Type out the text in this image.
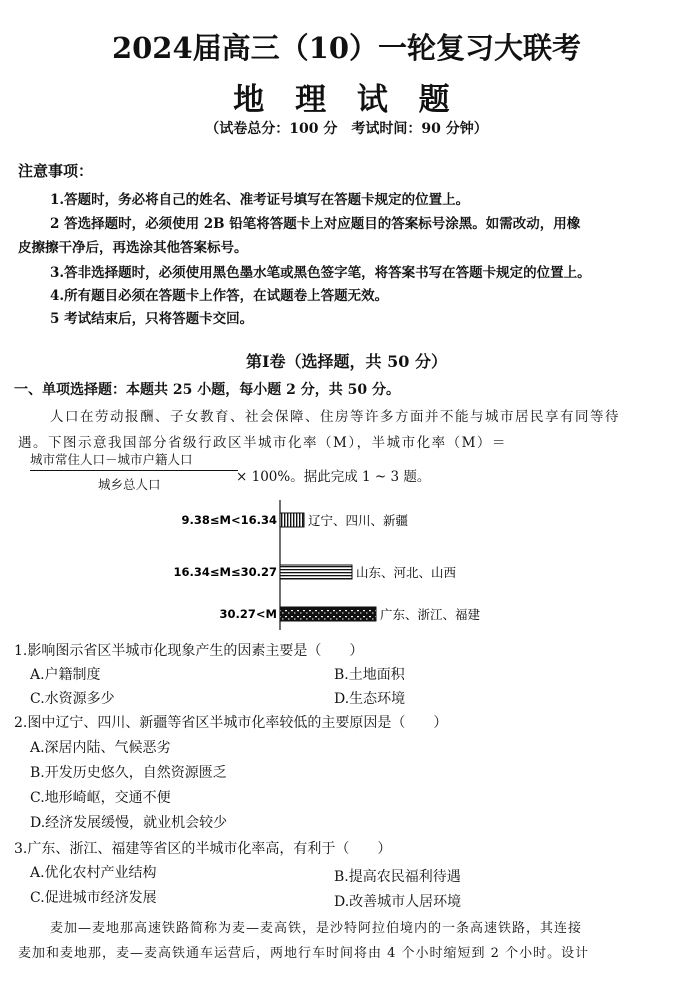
2024届高三（10）一轮复习大联考
地 理 试 题
（试卷总分：100 分　考试时间：90 分钟）
注意事项：
1.答题时，务必将自己的姓名、准考证号填写在答题卡规定的位置上。
2 答选择题时，必须使用 2B 铅笔将答题卡上对应题目的答案标号涂黑。如需改动，用橡
皮擦擦干净后，再选涂其他答案标号。
3.答非选择题时，必须使用黑色墨水笔或黑色签字笔，将答案书写在答题卡规定的位置上。
4.所有题目必须在答题卡上作答，在试题卷上答题无效。
5 考试结束后，只将答题卡交回。
第Ⅰ卷（选择题，共 50 分）
一、单项选择题：本题共 25 小题，每小题 2 分，共 50 分。
人口在劳动报酬、子女教育、社会保障、住房等许多方面并不能与城市居民享有同等待
遇。下图示意我国部分省级行政区半城市化率（M），半城市化率（M）＝
城市常住人口－城市户籍人口
城乡总人口	× 100%。据此完成 1 ~ 3 题。
9.38≤M<16.34 辽宁、四川、新疆
16.34≤M≤30.27	山东、河北、山西
30.27<M	广东、浙江、福建
1.影响图示省区半城市化现象产生的因素主要是（　　）
A.户籍制度	B.土地面积
C.水资源多少	D.生态环境
2.图中辽宁、四川、新疆等省区半城市化率较低的主要原因是（　　）
A.深居内陆、气候恶劣
B.开发历史悠久，自然资源匮乏
C.地形崎岖，交通不便
D.经济发展缓慢，就业机会较少
3.广东、浙江、福建等省区的半城市化率高，有利于（　　）
A.优化农村产业结构	B.提高农民福利待遇
C.促进城市经济发展	D.改善城市人居环境
麦加—麦地那高速铁路简称为麦—麦高铁，是沙特阿拉伯境内的一条高速铁路，其连接
麦加和麦地那，麦—麦高铁通车运营后，两地行车时间将由 4 个小时缩短到 2 个小时。设计
